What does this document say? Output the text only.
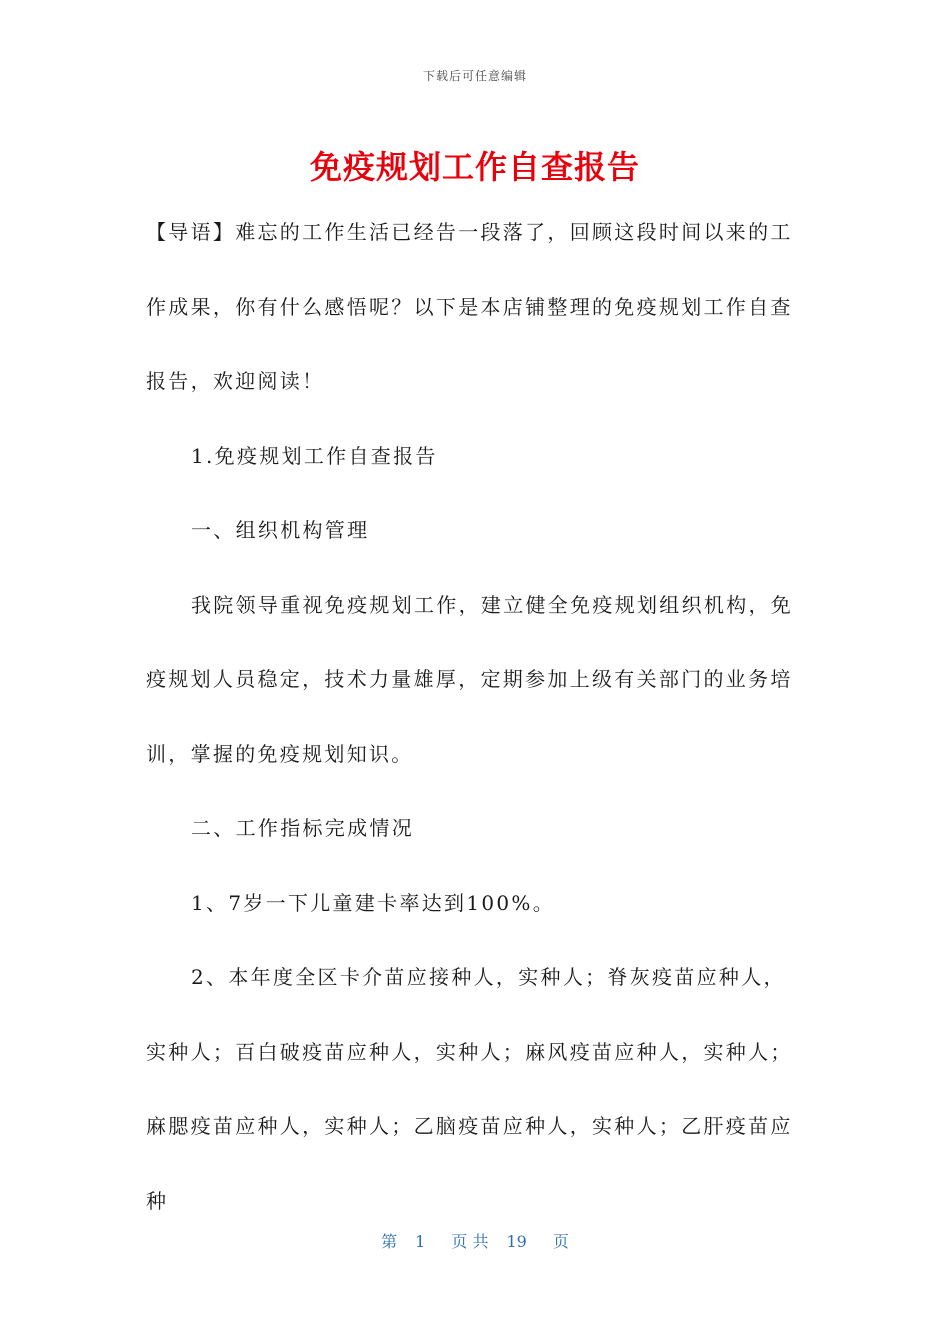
下载后可任意编辑
免疫规划工作自查报告

【导语】难忘的工作生活已经告一段落了，回顾这段时间以来的工作成果，你有什么感悟呢？以下是本店铺整理的免疫规划工作自查报告，欢迎阅读！

1.免疫规划工作自查报告

一、组织机构管理

我院领导重视免疫规划工作，建立健全免疫规划组织机构，免疫规划人员稳定，技术力量雄厚，定期参加上级有关部门的业务培训，掌握的免疫规划知识。

二、工作指标完成情况

1、7岁一下儿童建卡率达到100%。

2、本年度全区卡介苗应接种人，实种人；脊灰疫苗应种人，实种人；百白破疫苗应种人，实种人；麻风疫苗应种人，实种人；麻腮疫苗应种人，实种人；乙脑疫苗应种人，实种人；乙肝疫苗应种

第 1 页 共 19 页
